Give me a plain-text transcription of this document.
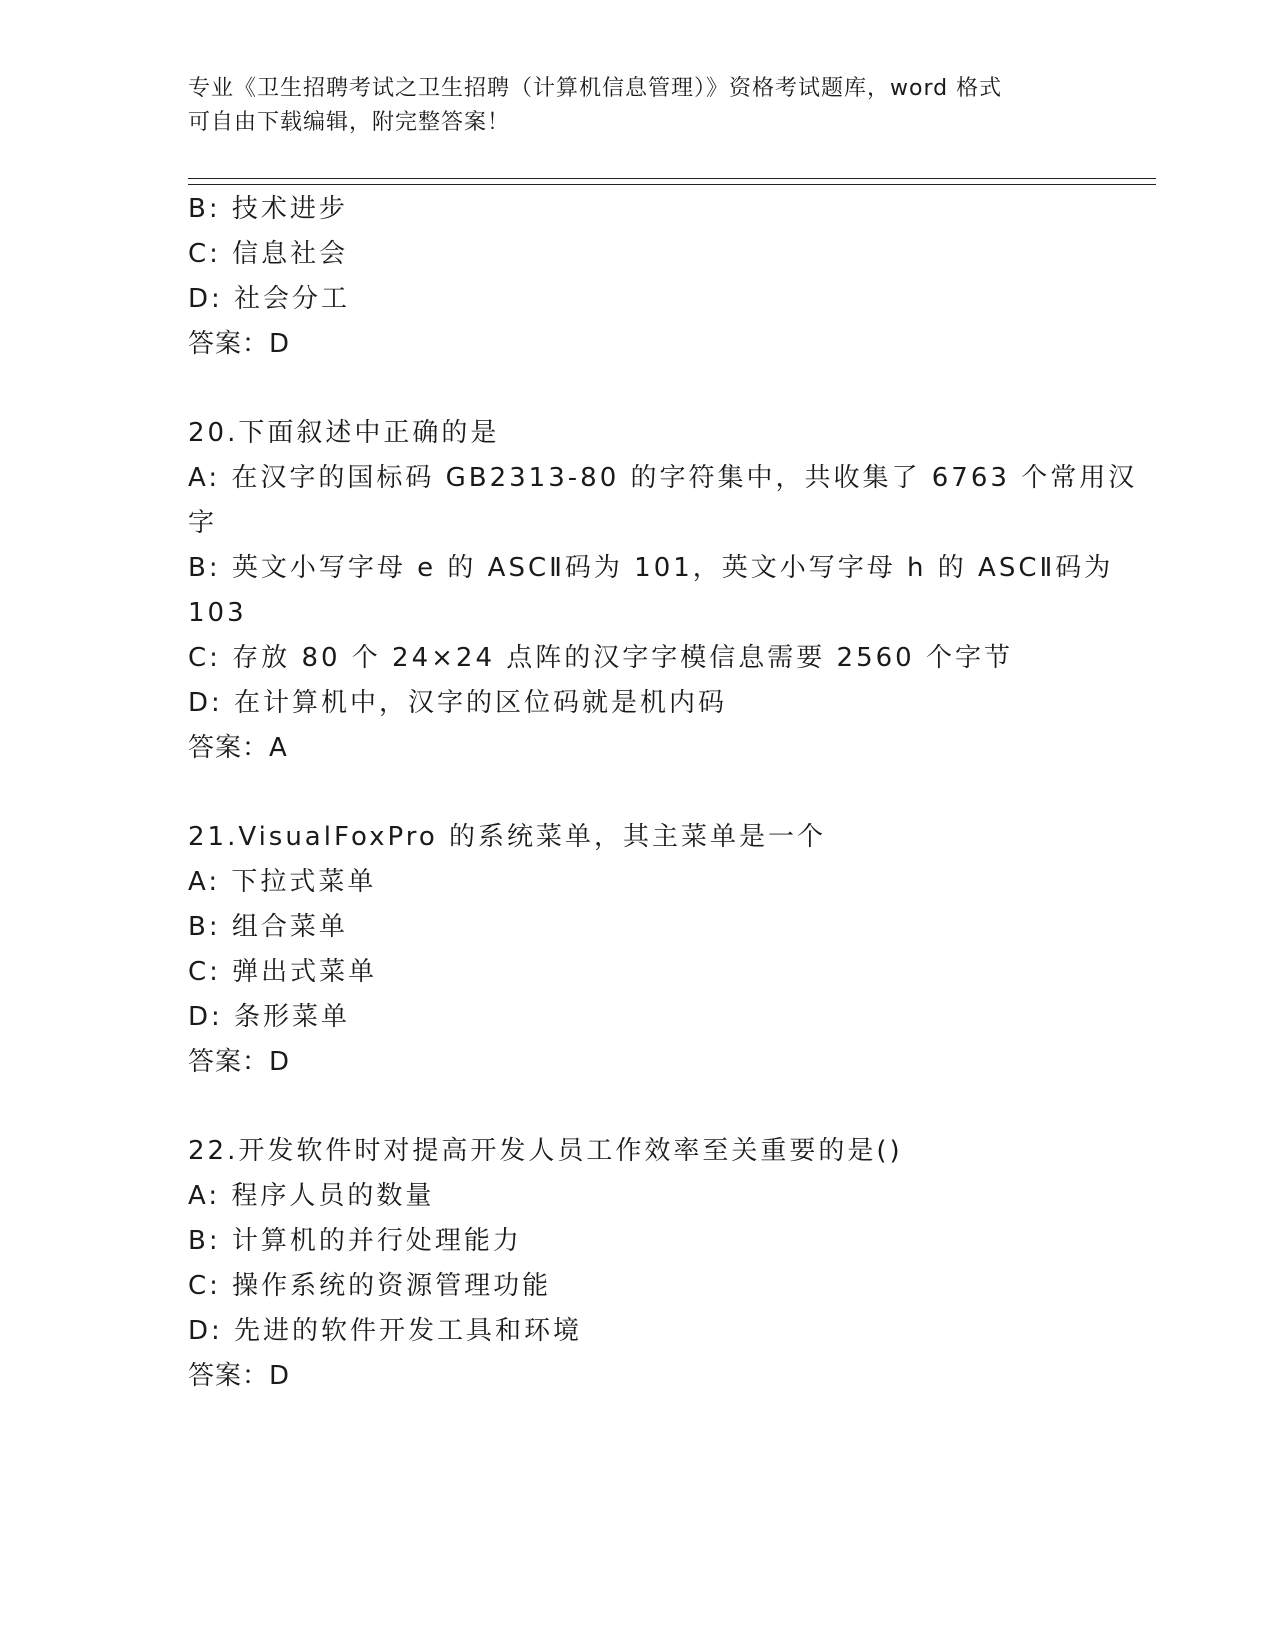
专业《卫生招聘考试之卫生招聘（计算机信息管理）》资格考试题库，word 格式
可自由下载编辑，附完整答案！
B: 技术进步
C: 信息社会
D: 社会分工
答案：D
20.下面叙述中正确的是
A: 在汉字的国标码 GB2313-80 的字符集中，共收集了 6763 个常用汉
字
B: 英文小写字母 e 的 ASCⅡ码为 101，英文小写字母 h 的 ASCⅡ码为
103
C: 存放 80 个 24×24 点阵的汉字字模信息需要 2560 个字节
D: 在计算机中，汉字的区位码就是机内码
答案：A
21.VisualFoxPro 的系统菜单，其主菜单是一个
A: 下拉式菜单
B: 组合菜单
C: 弹出式菜单
D: 条形菜单
答案：D
22.开发软件时对提高开发人员工作效率至关重要的是()
A: 程序人员的数量
B: 计算机的并行处理能力
C: 操作系统的资源管理功能
D: 先进的软件开发工具和环境
答案：D
